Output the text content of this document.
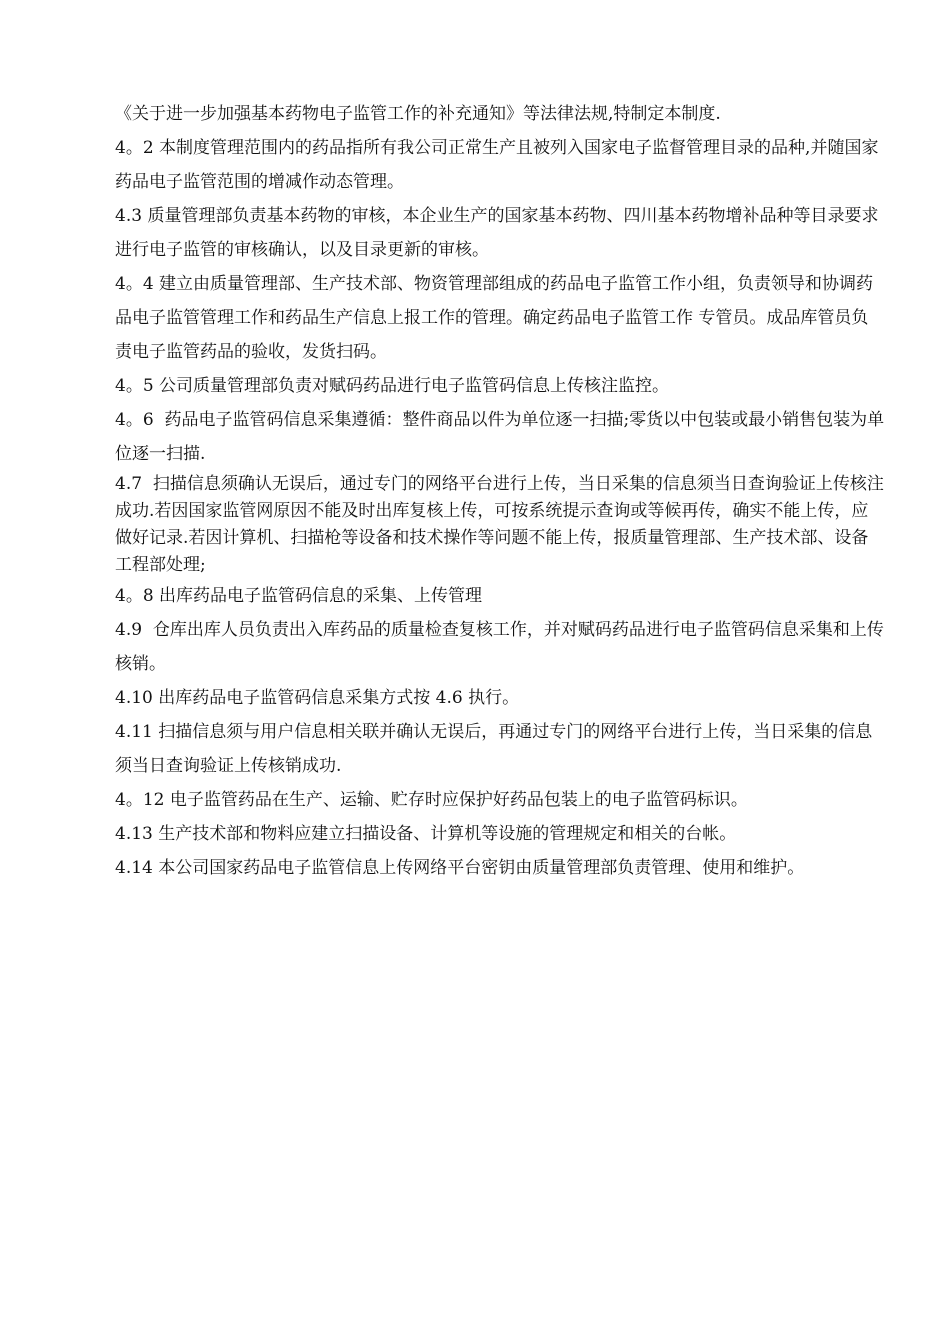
《关于进一步加强基本药物电子监管工作的补充通知》等法律法规,特制定本制度.

4。2 本制度管理范围内的药品指所有我公司正常生产且被列入国家电子监督管理目录的品种,并随国家药品电子监管范围的增减作动态管理。

4.3 质量管理部负责基本药物的审核，本企业生产的国家基本药物、四川基本药物增补品种等目录要求进行电子监管的审核确认，以及目录更新的审核。

4。4 建立由质量管理部、生产技术部、物资管理部组成的药品电子监管工作小组，负责领导和协调药品电子监管管理工作和药品生产信息上报工作的管理。确定药品电子监管工作 专管员。成品库管员负责电子监管药品的验收，发货扫码。

4。5 公司质量管理部负责对赋码药品进行电子监管码信息上传核注监控。

4。6  药品电子监管码信息采集遵循：整件商品以件为单位逐一扫描;零货以中包装或最小销售包装为单位逐一扫描.

4.7  扫描信息须确认无误后，通过专门的网络平台进行上传，当日采集的信息须当日查询验证上传核注成功.若因国家监管网原因不能及时出库复核上传，可按系统提示查询或等候再传，确实不能上传，应做好记录.若因计算机、扫描枪等设备和技术操作等问题不能上传，报质量管理部、生产技术部、设备工程部处理;

4。8 出库药品电子监管码信息的采集、上传管理

4.9  仓库出库人员负责出入库药品的质量检查复核工作，并对赋码药品进行电子监管码信息采集和上传核销。

4.10 出库药品电子监管码信息采集方式按 4.6 执行。

4.11 扫描信息须与用户信息相关联并确认无误后，再通过专门的网络平台进行上传，当日采集的信息须当日查询验证上传核销成功.

4。12 电子监管药品在生产、运输、贮存时应保护好药品包装上的电子监管码标识。

4.13 生产技术部和物料应建立扫描设备、计算机等设施的管理规定和相关的台帐。

4.14 本公司国家药品电子监管信息上传网络平台密钥由质量管理部负责管理、使用和维护。
